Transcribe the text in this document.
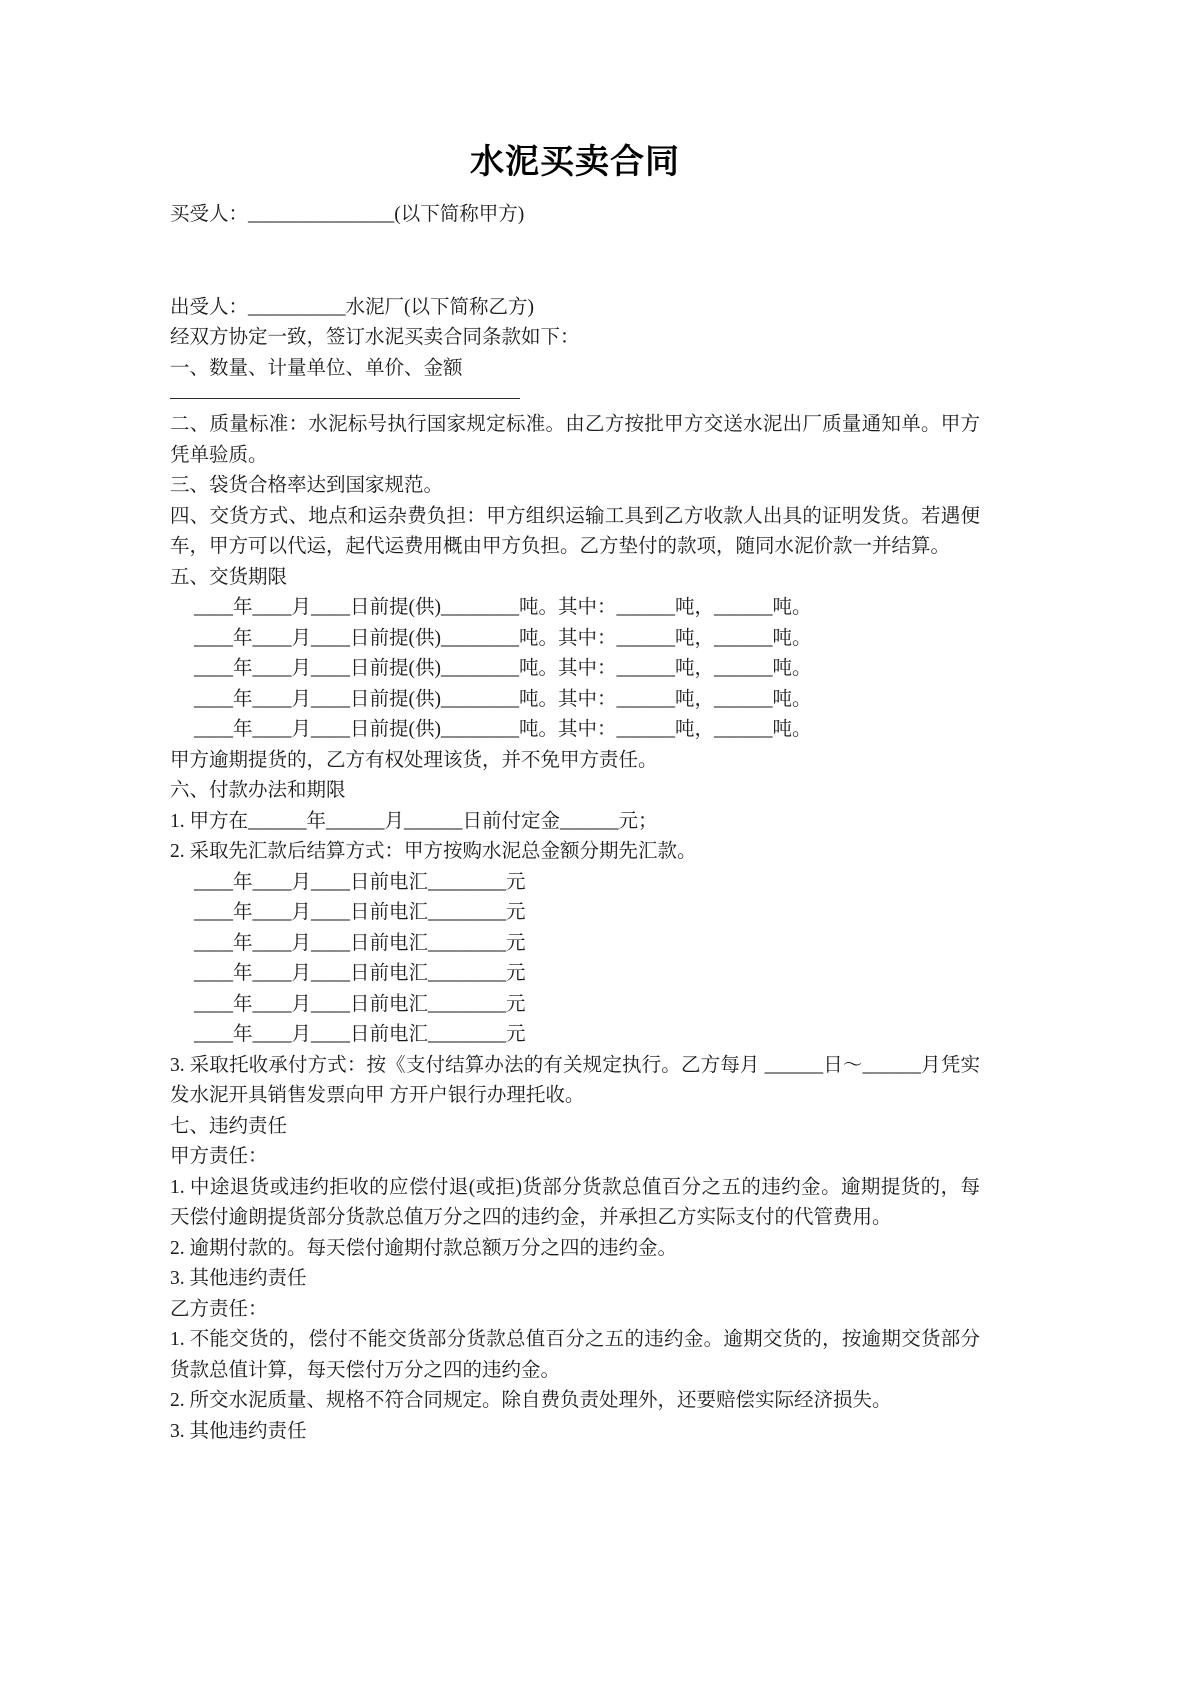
水泥买卖合同

买受人：_______________(以下简称甲方)

出受人：__________水泥厂(以下简称乙方)

经双方协定一致，签订水泥买卖合同条款如下：

一、数量、计量单位、单价、金额

二、质量标准：水泥标号执行国家规定标准。由乙方按批甲方交送水泥出厂质量通知单。甲方凭单验质。

三、袋货合格率达到国家规范。

四、交货方式、地点和运杂费负担：甲方组织运输工具到乙方收款人出具的证明发货。若遇便车，甲方可以代运，起代运费用概由甲方负担。乙方垫付的款项，随同水泥价款一并结算。

五、交货期限

____年____月____日前提(供)________吨。其中：______吨，______吨。

____年____月____日前提(供)________吨。其中：______吨，______吨。

____年____月____日前提(供)________吨。其中：______吨，______吨。

____年____月____日前提(供)________吨。其中：______吨，______吨。

____年____月____日前提(供)________吨。其中：______吨，______吨。

甲方逾期提货的，乙方有权处理该货，并不免甲方责任。

六、付款办法和期限

1. 甲方在______年______月______日前付定金______元；

2. 采取先汇款后结算方式：甲方按购水泥总金额分期先汇款。

____年____月____日前电汇________元

____年____月____日前电汇________元

____年____月____日前电汇________元

____年____月____日前电汇________元

____年____月____日前电汇________元

____年____月____日前电汇________元

3. 采取托收承付方式：按《支付结算办法的有关规定执行。乙方每月 ______日～______月凭实发水泥开具销售发票向甲 方开户银行办理托收。

七、违约责任

甲方责任：

1. 中途退货或违约拒收的应偿付退(或拒)货部分货款总值百分之五的违约金。逾期提货的，每天偿付逾朗提货部分货款总值万分之四的违约金，并承担乙方实际支付的代管费用。

2. 逾期付款的。每天偿付逾期付款总额万分之四的违约金。

3. 其他违约责任

乙方责任：

1. 不能交货的，偿付不能交货部分货款总值百分之五的违约金。逾期交货的，按逾期交货部分货款总值计算，每天偿付万分之四的违约金。

2. 所交水泥质量、规格不符合同规定。除自费负责处理外，还要赔偿实际经济损失。

3. 其他违约责任
